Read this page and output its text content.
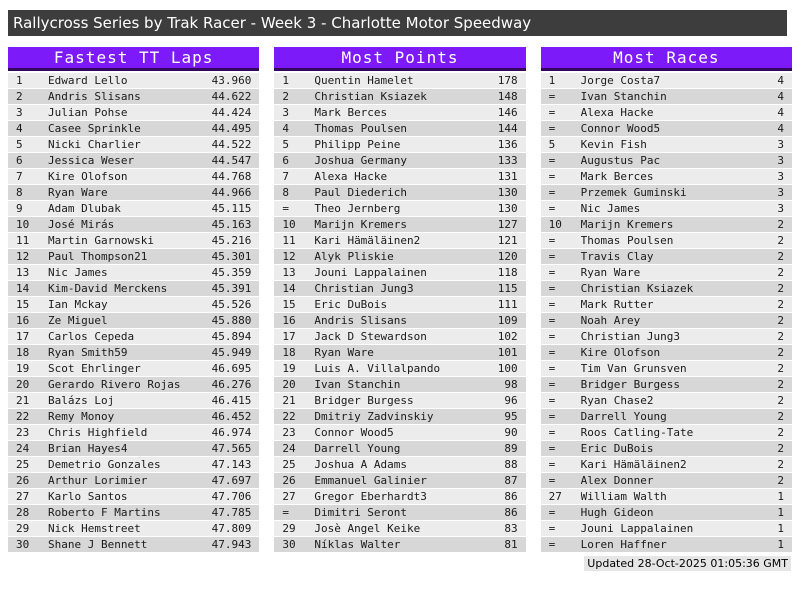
Rallycross Series by Trak Racer - Week 3 - Charlotte Motor Speedway
Fastest TT Laps
1	Edward Lello	43.960
2	Andris Slisans	44.622
3	Julian Pohse	44.424
4	Casee Sprinkle	44.495
5	Nicki Charlier	44.522
6	Jessica Weser	44.547
7	Kire Olofson	44.768
8	Ryan Ware	44.966
9	Adam Dlubak	45.115
10	José Mirás	45.163
11	Martin Garnowski	45.216
12	Paul Thompson21	45.301
13	Nic James	45.359
14	Kim-David Merckens	45.391
15	Ian Mckay	45.526
16	Ze Miguel	45.880
17	Carlos Cepeda	45.894
18	Ryan Smith59	45.949
19	Scot Ehrlinger	46.695
20	Gerardo Rivero Rojas	46.276
21	Balázs Loj	46.415
22	Remy Monoy	46.452
23	Chris Highfield	46.974
24	Brian Hayes4	47.565
25	Demetrio Gonzales	47.143
26	Arthur Lorimier	47.697
27	Karlo Santos	47.706
28	Roberto F Martins	47.785
29	Nick Hemstreet	47.809
30	Shane J Bennett	47.943
Most Points
1	Quentin Hamelet	178
2	Christian Ksiazek	148
3	Mark Berces	146
4	Thomas Poulsen	144
5	Philipp Peine	136
6	Joshua Germany	133
7	Alexa Hacke	131
8	Paul Diederich	130
=	Theo Jernberg	130
10	Marijn Kremers	127
11	Kari Hämäläinen2	121
12	Alyk Pliskie	120
13	Jouni Lappalainen	118
14	Christian Jung3	115
15	Eric DuBois	111
16	Andris Slisans	109
17	Jack D Stewardson	102
18	Ryan Ware	101
19	Luis A. Villalpando	100
20	Ivan Stanchin	98
21	Bridger Burgess	96
22	Dmitriy Zadvinskiy	95
23	Connor Wood5	90
24	Darrell Young	89
25	Joshua A Adams	88
26	Emmanuel Galinier	87
27	Gregor Eberhardt3	86
=	Dimitri Seront	86
29	Josè Angel Keike	83
30	Níklas Walter	81
Most Races
1	Jorge Costa7	4
=	Ivan Stanchin	4
=	Alexa Hacke	4
=	Connor Wood5	4
5	Kevin Fish	3
=	Augustus Pac	3
=	Mark Berces	3
=	Przemek Guminski	3
=	Nic James	3
10	Marijn Kremers	2
=	Thomas Poulsen	2
=	Travis Clay	2
=	Ryan Ware	2
=	Christian Ksiazek	2
=	Mark Rutter	2
=	Noah Arey	2
=	Christian Jung3	2
=	Kire Olofson	2
=	Tim Van Grunsven	2
=	Bridger Burgess	2
=	Ryan Chase2	2
=	Darrell Young	2
=	Roos Catling-Tate	2
=	Eric DuBois	2
=	Kari Hämäläinen2	2
=	Alex Donner	2
27	William Walth	1
=	Hugh Gideon	1
=	Jouni Lappalainen	1
=	Loren Haffner	1
Updated 28-Oct-2025 01:05:36 GMT
